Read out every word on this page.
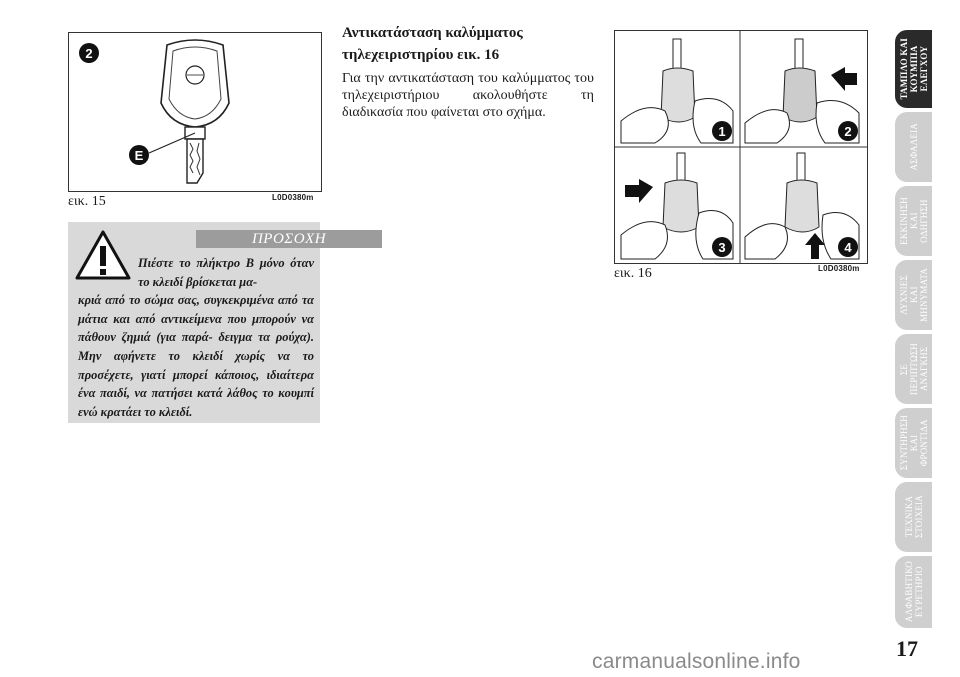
2
E
εικ. 15	L0D0380m
ΠΡΟΣΟΧΗ
Πιέστε το πλήκτρο B μόνο όταν το κλειδί βρίσκεται μα-
κριά από το σώμα σας, συγκεκριμένα από τα μάτια και από αντικείμενα που μπορούν να πάθουν ζημιά (για παρά- δειγμα τα ρούχα). Μην αφήνετε το κλειδί χωρίς να το προσέχετε, γιατί μπορεί κάποιος, ιδιαίτερα ένα παιδί, να πατήσει κατά λάθος το κουμπί ενώ κρατάει το κλειδί.
Αντικατάσταση καλύμματος τηλεχειριστηρίου εικ. 16
Για την αντικατάσταση του καλύμματος του τηλεχειριστήριου ακολουθήστε τη διαδικασία που φαίνεται στο σχήμα.
1	2
3	4
εικ. 16	L0D0380m
ΤΑΜΠΛΟ ΚΑΙ
ΚΟΥΜΠΙΑ
ΕΛΕΓΧΟΥ
ΑΣΦΑΛΕΙΑ
ΕΚΚΙΝΗΣΗ
ΚΑΙ
ΟΔΗΓΗΣΗ
ΛΥΧΝΙΕΣ
ΚΑΙ
ΜΗΝΥΜΑΤΑ
ΣΕ
ΠΕΡΙΠΤΩΣΗ
ΑΝΑΓΚΗΣ
ΣΥΝΤΗΡΗΣΗ
ΚΑΙ
ΦΡΟΝΤΙΔΑ
ΤΕΧΝΙΚΑ
ΣΤΟΙΧΕΙΑ
ΑΛΦΑΒΗΤΙΚΟ
ΕΥΡΕΤΗΡΙΟ
17
carmanualsonline.info
